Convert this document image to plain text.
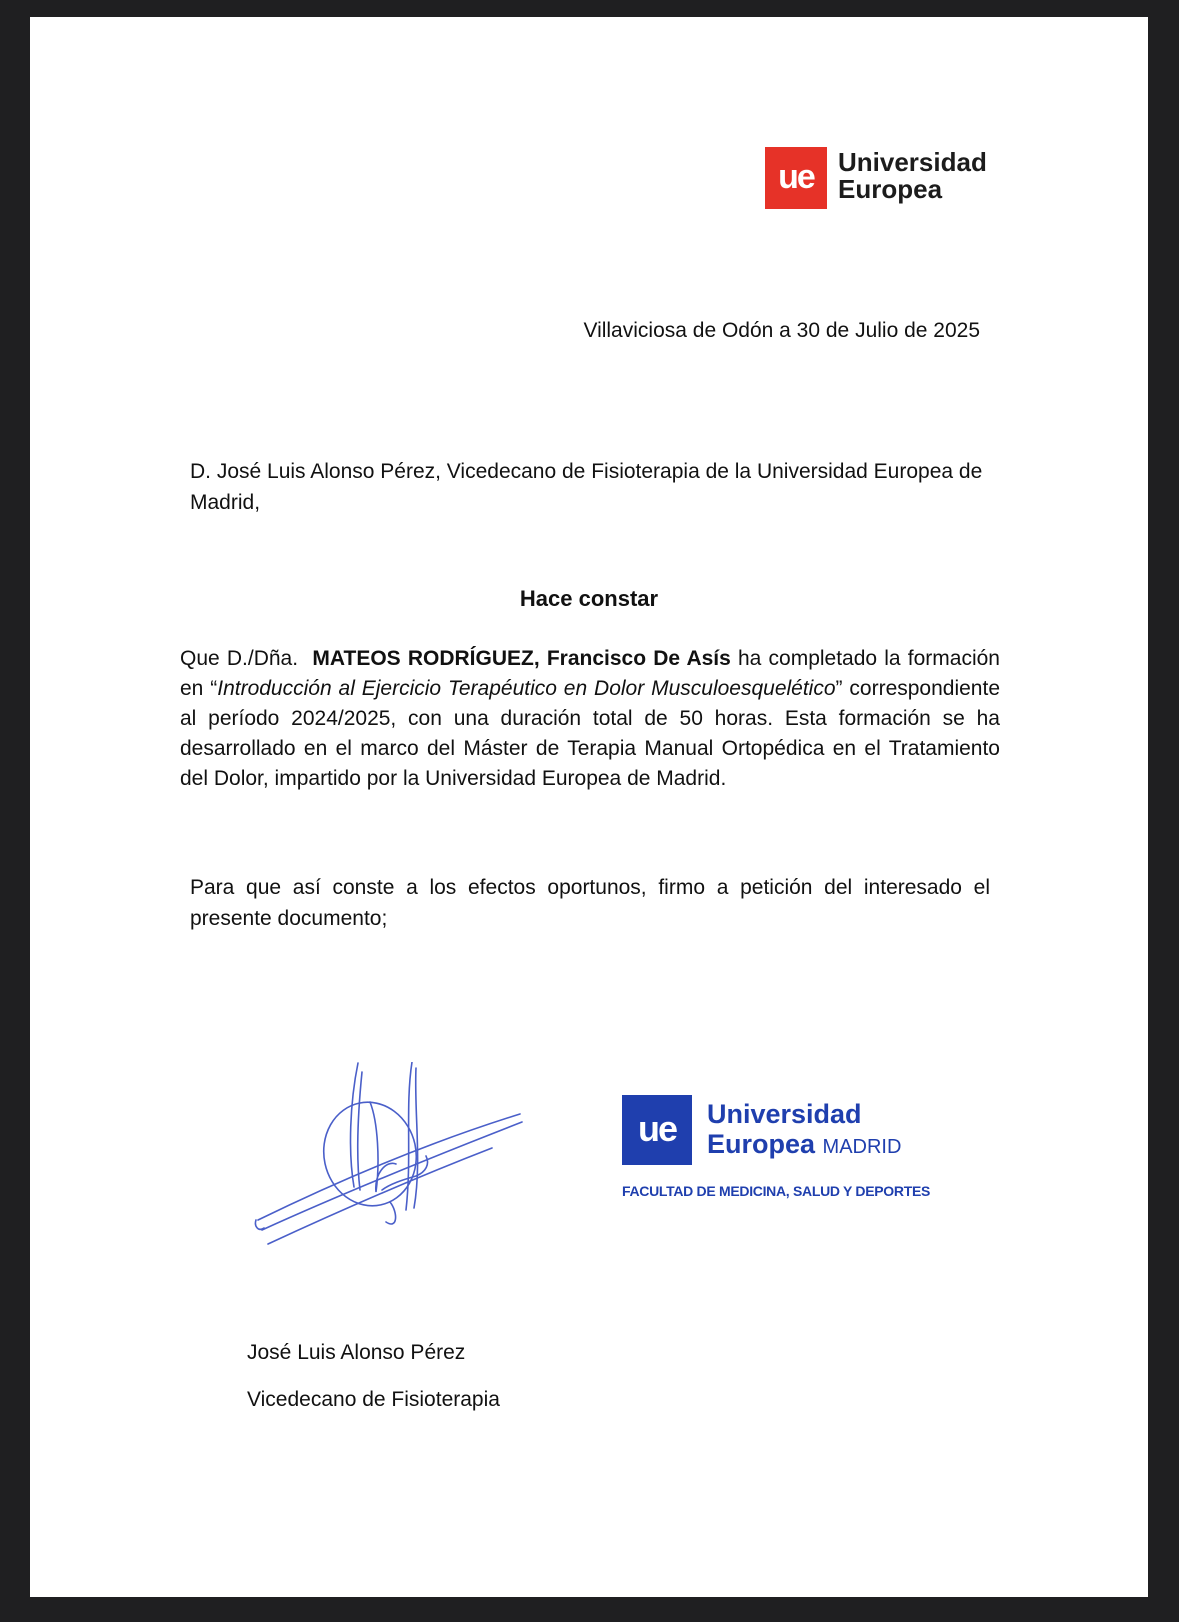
ue Universidad
Europea
Villaviciosa de Odón a 30 de Julio de 2025
D. José Luis Alonso Pérez, Vicedecano de Fisioterapia de la Universidad Europea de Madrid,
Hace constar
Que D./Dña. MATEOS RODRÍGUEZ, Francisco De Asís ha completado la formación en “Introducción al Ejercicio Terapéutico en Dolor Musculoesquelético” correspondiente al período 2024/2025, con una duración total de 50 horas. Esta formación se ha desarrollado en el marco del Máster de Terapia Manual Ortopédica en el Tratamiento del Dolor, impartido por la Universidad Europea de Madrid.
Para que así conste a los efectos oportunos, firmo a petición del interesado el presente documento;
ue	Universidad
Europea MADRID
FACULTAD DE MEDICINA, SALUD Y DEPORTES
José Luis Alonso Pérez
Vicedecano de Fisioterapia
